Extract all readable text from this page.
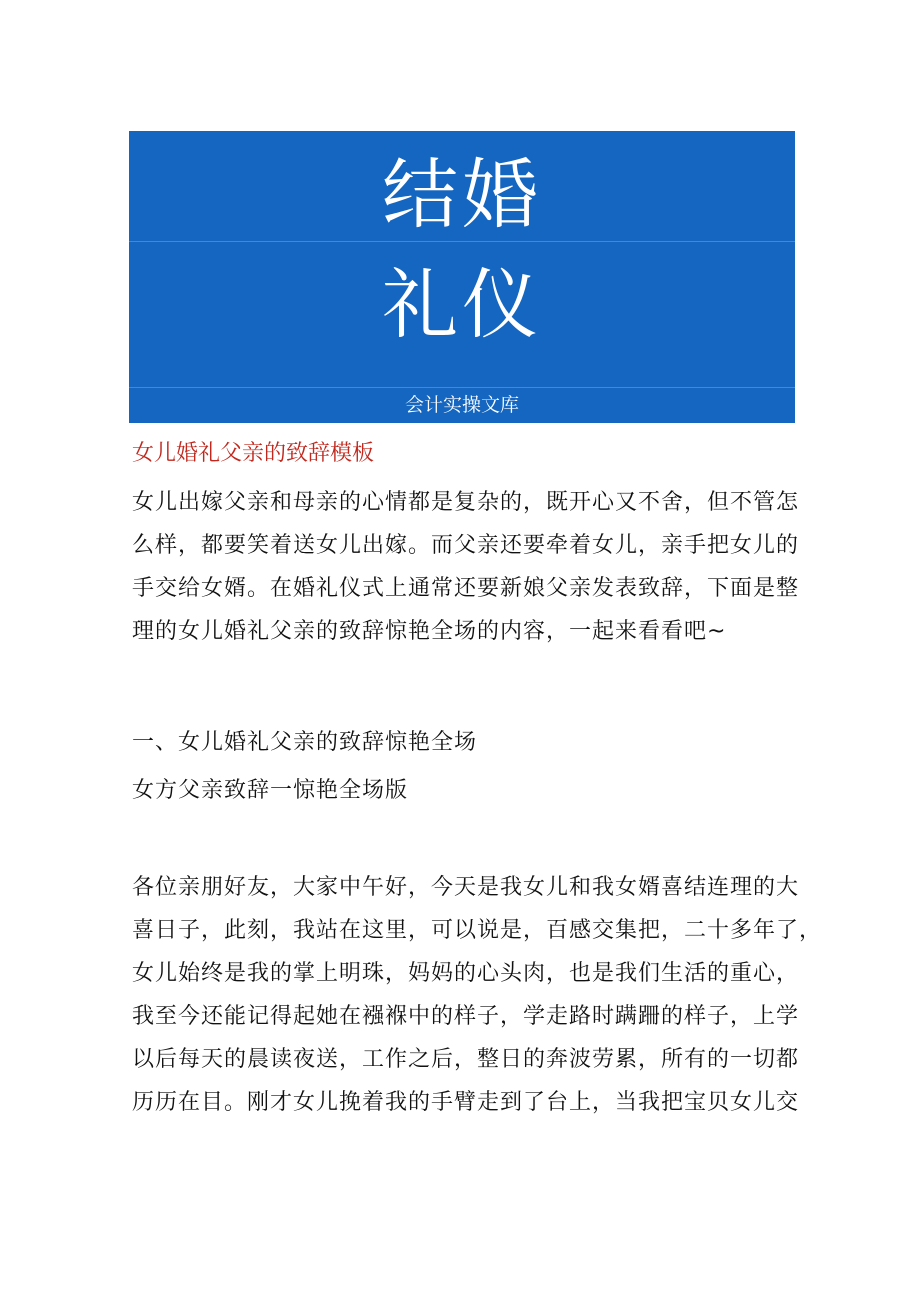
结婚
礼仪
会计实操文库
女儿婚礼父亲的致辞模板
女儿出嫁父亲和母亲的心情都是复杂的，既开心又不舍，但不管怎
么样，都要笑着送女儿出嫁。而父亲还要牵着女儿，亲手把女儿的
手交给女婿。在婚礼仪式上通常还要新娘父亲发表致辞，下面是整
理的女儿婚礼父亲的致辞惊艳全场的内容，一起来看看吧~
一、女儿婚礼父亲的致辞惊艳全场
女方父亲致辞一惊艳全场版
各位亲朋好友，大家中午好，今天是我女儿和我女婿喜结连理的大
喜日子，此刻，我站在这里，可以说是，百感交集把，二十多年了，
女儿始终是我的掌上明珠，妈妈的心头肉，也是我们生活的重心，
我至今还能记得起她在襁褓中的样子，学走路时蹒跚的样子，上学
以后每天的晨读夜送，工作之后，整日的奔波劳累，所有的一切都
历历在目。刚才女儿挽着我的手臂走到了台上，当我把宝贝女儿交
